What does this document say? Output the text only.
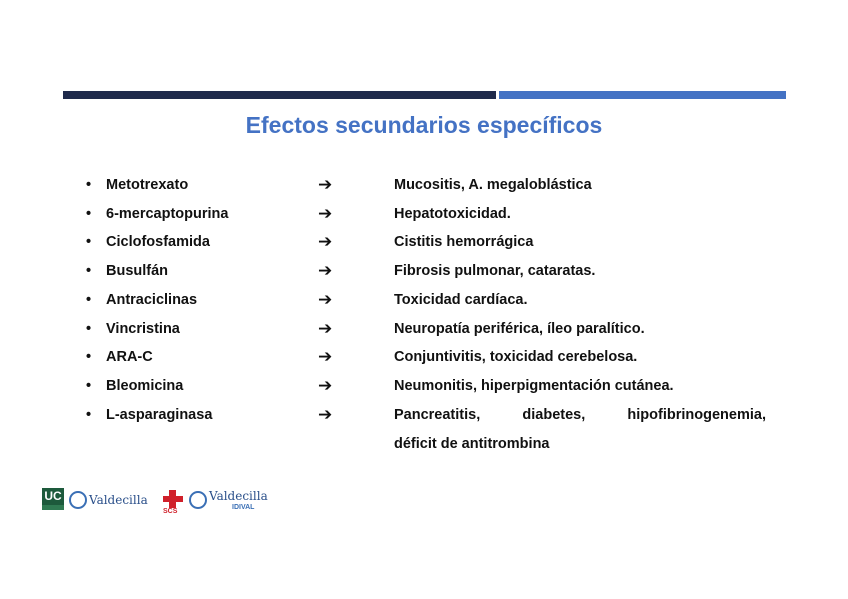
Efectos secundarios específicos
• Metotrexato	➔	Mucositis, A. megaloblástica
• 6-mercaptopurina	➔	Hepatotoxicidad.
• Ciclofosfamida	➔	Cistitis hemorrágica
• Busulfán	➔	Fibrosis pulmonar, cataratas.
• Antraciclinas	➔	Toxicidad cardíaca.
• Vincristina	➔	Neuropatía periférica, íleo paralítico.
• ARA-C	➔	Conjuntivitis, toxicidad cerebelosa.
• Bleomicina	➔	Neumonitis, hiperpigmentación cutánea.
• L-asparaginasa	➔	Pancreatitis,	diabetes,	hipofibrinogenemia,
déficit de antitrombina
UC Valdecilla
SCS
Valdecilla
IDIVAL
